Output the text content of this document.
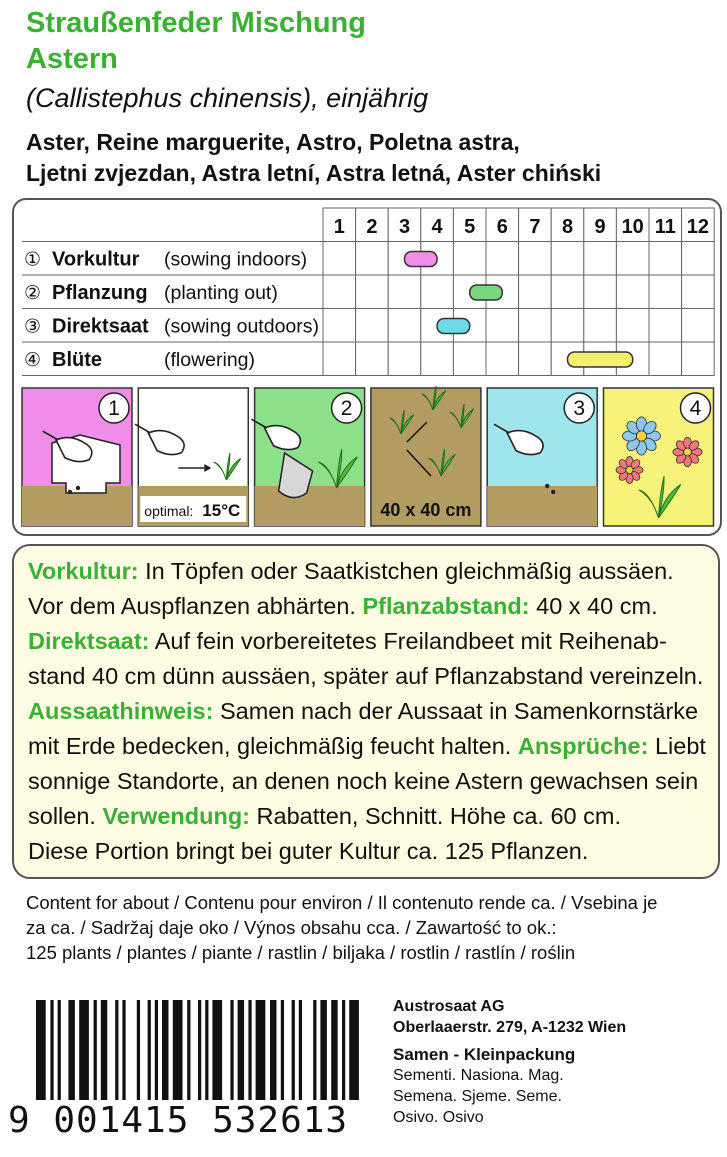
Straußenfeder Mischung
Astern
(Callistephus chinensis), einjährig
Aster, Reine marguerite, Astro, Poletna astra,
Ljetni zvjezdan, Astra letní, Astra letná, Aster chiński
1 2 3 4 5 6 7 8 9 10 11 12
① Vorkultur (sowing indoors)
② Pflanzung (planting out)
③ Direktsaat (sowing outdoors)
④ Blüte	(flowering)
1
optimal: 15°C
2
40 x 40 cm
3	4
Vorkultur: In Töpfen oder Saatkistchen gleichmäßig aussäen. Vor dem Auspflanzen abhärten. Pflanzabstand: 40 x 40 cm.
Direktsaat: Auf fein vorbereitetes Freilandbeet mit Reihenabstand 40 cm dünn aussäen, später auf Pflanzabstand vereinzeln.
Aussaathinweis: Samen nach der Aussaat in Samenkornstärke mit Erde bedecken, gleichmäßig feucht halten. Ansprüche: Liebt sonnige Standorte, an denen noch keine Astern gewachsen sein sollen. Verwendung: Rabatten, Schnitt. Höhe ca. 60 cm.
Diese Portion bringt bei guter Kultur ca. 125 Pflanzen.
Content for about / Contenu pour environ / Il contenuto rende ca. / Vsebina je
za ca. / Sadržaj daje oko / Výnos obsahu cca. / Zawartość to ok.:
125 plants / plantes / piante / rastlin / biljaka / rostlin / rastlín / roślin
9 001415 532613
Austrosaat AG
Oberlaaerstr. 279, A-1232 Wien
Samen - Kleinpackung
Sementi. Nasiona. Mag.
Semena. Sjeme. Seme.
Osivo. Osivo
